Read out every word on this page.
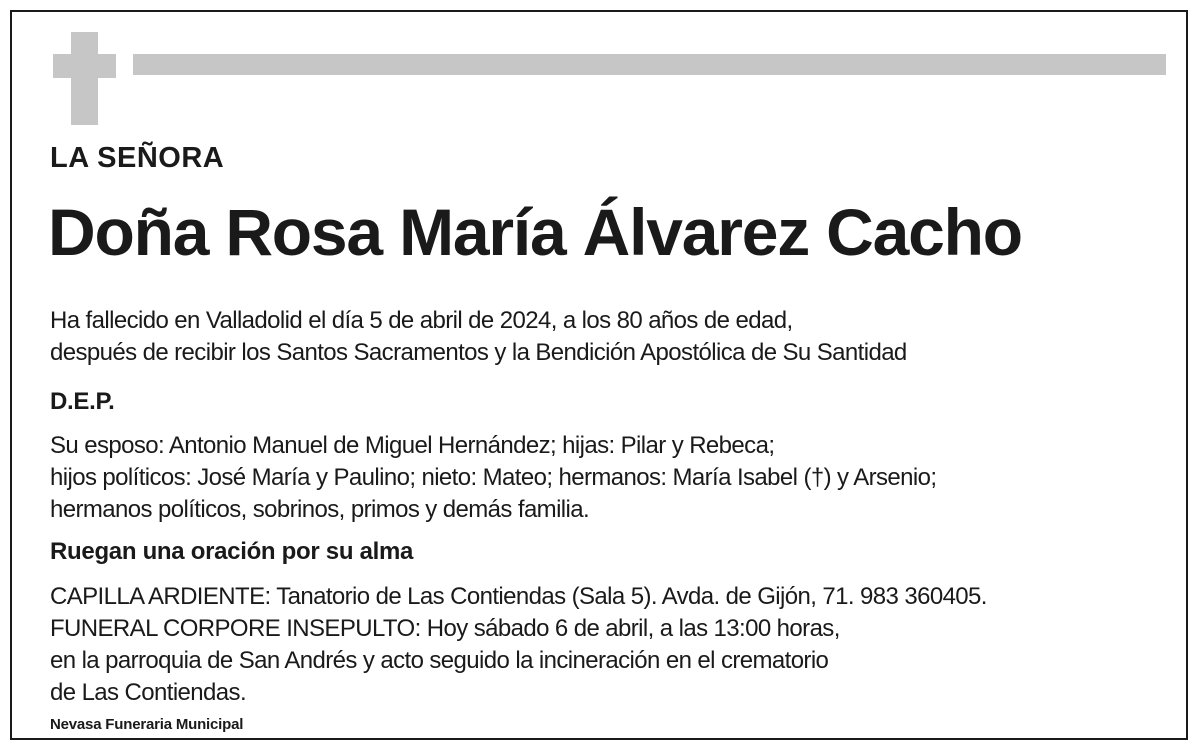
LA SEÑORA
Doña Rosa María Álvarez Cacho
Ha fallecido en Valladolid el día 5 de abril de 2024, a los 80 años de edad,
después de recibir los Santos Sacramentos y la Bendición Apostólica de Su Santidad
D.E.P.
Su esposo: Antonio Manuel de Miguel Hernández; hijas: Pilar y Rebeca;
hijos políticos: José María y Paulino; nieto: Mateo; hermanos: María Isabel (†) y Arsenio;
hermanos políticos, sobrinos, primos y demás familia.
Ruegan una oración por su alma
CAPILLA ARDIENTE: Tanatorio de Las Contiendas (Sala 5). Avda. de Gijón, 71. 983 360405.
FUNERAL CORPORE INSEPULTO: Hoy sábado 6 de abril, a las 13:00 horas,
en la parroquia de San Andrés y acto seguido la incineración en el crematorio
de Las Contiendas.
Nevasa Funeraria Municipal
